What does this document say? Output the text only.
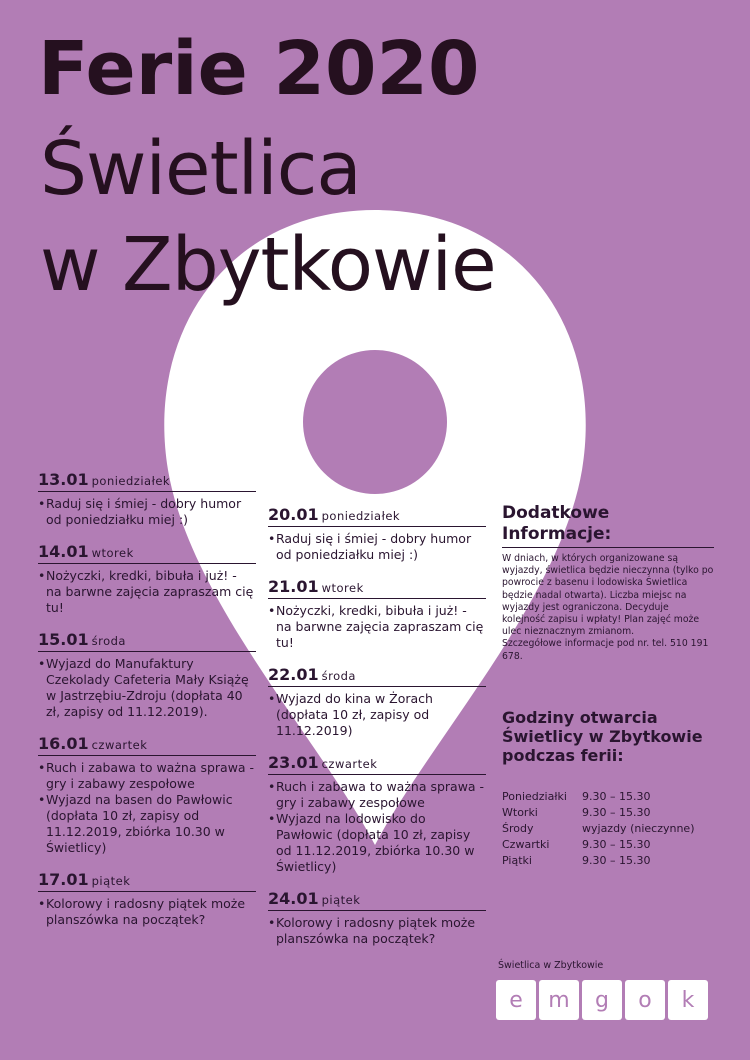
Ferie 2020
Świetlica
w Zbytkowie
13.01 poniedziałek
• Raduj się i śmiej - dobry humor od poniedziałku miej :)
14.01 wtorek
• Nożyczki, kredki, bibuła i już! - na barwne zajęcia zapraszam cię tu!
15.01 środa
• Wyjazd do Manufaktury Czekolady Cafeteria Mały Książę w Jastrzębiu-Zdroju (dopłata 40 zł, zapisy od 11.12.2019).
16.01 czwartek
• Ruch i zabawa to ważna sprawa - gry i zabawy zespołowe
• Wyjazd na basen do Pawłowic (dopłata 10 zł, zapisy od 11.12.2019, zbiórka 10.30 w Świetlicy)
17.01 piątek
• Kolorowy i radosny piątek może planszówka na początek?
20.01 poniedziałek
• Raduj się i śmiej - dobry humor od poniedziałku miej :)
21.01 wtorek
• Nożyczki, kredki, bibuła i już! - na barwne zajęcia zapraszam cię tu!
22.01 środa
• Wyjazd do kina w Żorach (dopłata 10 zł, zapisy od 11.12.2019)
23.01 czwartek
• Ruch i zabawa to ważna sprawa - gry i zabawy zespołowe
• Wyjazd na lodowisko do Pawłowic (dopłata 10 zł, zapisy od 11.12.2019, zbiórka 10.30 w Świetlicy)
24.01 piątek
• Kolorowy i radosny piątek może planszówka na początek?
Dodatkowe
Informacje:

W dniach, w których organizowane są wyjazdy, świetlica będzie nieczynna (tylko po powrocie z basenu i lodowiska Świetlica będzie nadal otwarta). Liczba miejsc na wyjazdy jest ograniczona. Decyduje kolejność zapisu i wpłaty! Plan zajęć może ulec nieznacznym zmianom.

Szczegółowe informacje pod nr. tel. 510 191 678.

Godziny otwarcia
Świetlicy w Zbytkowie
podczas ferii:
Poniedziałki	9.30 – 15.30
Wtorki	9.30 – 15.30
Środy	wyjazdy (nieczynne)
Czwartki	9.30 – 15.30
Piątki	9.30 – 15.30
Świetlica w Zbytkowie
e	m	g	o	k
